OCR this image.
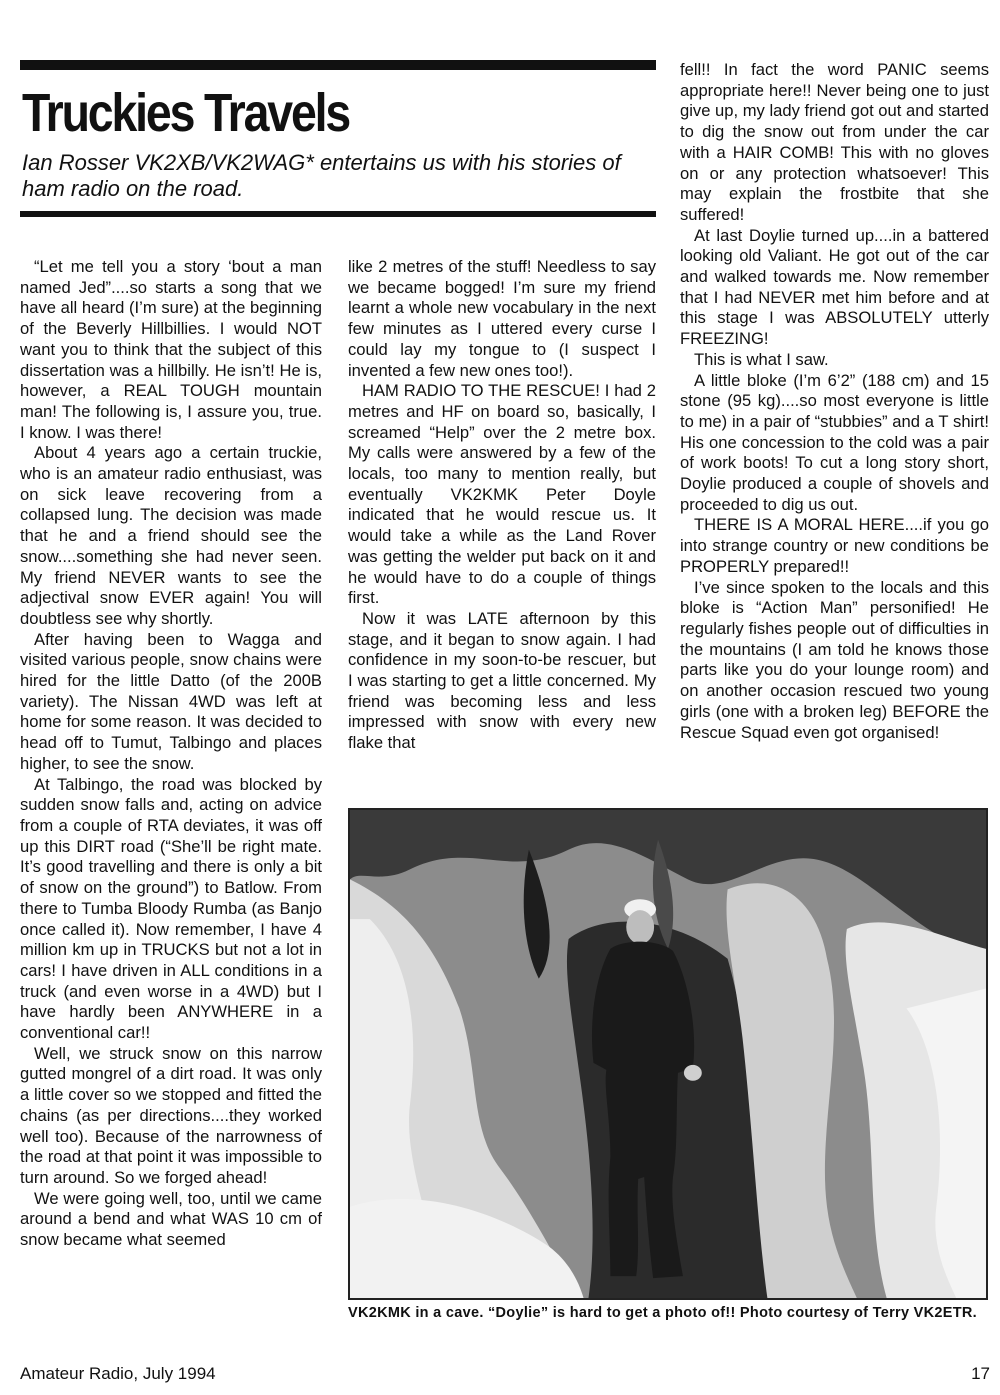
Truckies Travels

Ian Rosser VK2XB/VK2WAG* entertains us with his stories of ham radio on the road.

“Let me tell you a story ‘bout a man named Jed”....so starts a song that we have all heard (I’m sure) at the beginning of the Beverly Hillbillies. I would NOT want you to think that the subject of this dissertation was a hillbilly. He isn’t! He is, however, a REAL TOUGH mountain man! The following is, I assure you, true. I know. I was there!

About 4 years ago a certain truckie, who is an amateur radio enthusiast, was on sick leave recovering from a collapsed lung. The decision was made that he and a friend should see the snow....something she had never seen. My friend NEVER wants to see the adjectival snow EVER again! You will doubtless see why shortly.

After having been to Wagga and visited various people, snow chains were hired for the little Datto (of the 200B variety). The Nissan 4WD was left at home for some reason. It was decided to head off to Tumut, Talbingo and places higher, to see the snow.

At Talbingo, the road was blocked by sudden snow falls and, acting on advice from a couple of RTA deviates, it was off up this DIRT road (“She’ll be right mate. It’s good travelling and there is only a bit of snow on the ground”) to Batlow. From there to Tumba Bloody Rumba (as Banjo once called it). Now remember, I have 4 million km up in TRUCKS but not a lot in cars! I have driven in ALL conditions in a truck (and even worse in a 4WD) but I have hardly been ANYWHERE in a conventional car!!

Well, we struck snow on this narrow gutted mongrel of a dirt road. It was only a little cover so we stopped and fitted the chains (as per directions....they worked well too). Because of the narrowness of the road at that point it was impossible to turn around. So we forged ahead!

We were going well, too, until we came around a bend and what WAS 10 cm of snow became what seemed

like 2 metres of the stuff! Needless to say we became bogged! I’m sure my friend learnt a whole new vocabulary in the next few minutes as I uttered every curse I could lay my tongue to (I suspect I invented a few new ones too!).

HAM RADIO TO THE RESCUE! I had 2 metres and HF on board so, basically, I screamed “Help” over the 2 metre box. My calls were answered by a few of the locals, too many to mention really, but eventually VK2KMK Peter Doyle indicated that he would rescue us. It would take a while as the Land Rover was getting the welder put back on it and he would have to do a couple of things first.

Now it was LATE afternoon by this stage, and it began to snow again. I had confidence in my soon-to-be rescuer, but I was starting to get a little concerned. My friend was becoming less and less impressed with snow with every new flake that

fell!! In fact the word PANIC seems appropriate here!! Never being one to just give up, my lady friend got out and started to dig the snow out from under the car with a HAIR COMB! This with no gloves on or any protection whatsoever! This may explain the frostbite that she suffered!

At last Doylie turned up....in a battered looking old Valiant. He got out of the car and walked towards me. Now remember that I had NEVER met him before and at this stage I was ABSOLUTELY utterly FREEZING!

This is what I saw.

A little bloke (I’m 6’2” (188 cm) and 15 stone (95 kg)....so most everyone is little to me) in a pair of “stubbies” and a T shirt! His one concession to the cold was a pair of work boots! To cut a long story short, Doylie produced a couple of shovels and proceeded to dig us out.

THERE IS A MORAL HERE....if you go into strange country or new conditions be PROPERLY prepared!!

I’ve since spoken to the locals and this bloke is “Action Man” personified! He regularly fishes people out of difficulties in the mountains (I am told he knows those parts like you do your lounge room) and on another occasion rescued two young girls (one with a broken leg) BEFORE the Rescue Squad even got organised!

VK2KMK in a cave. “Doylie” is hard to get a photo of!! Photo courtesy of Terry VK2ETR.

Amateur Radio, July 1994	17
